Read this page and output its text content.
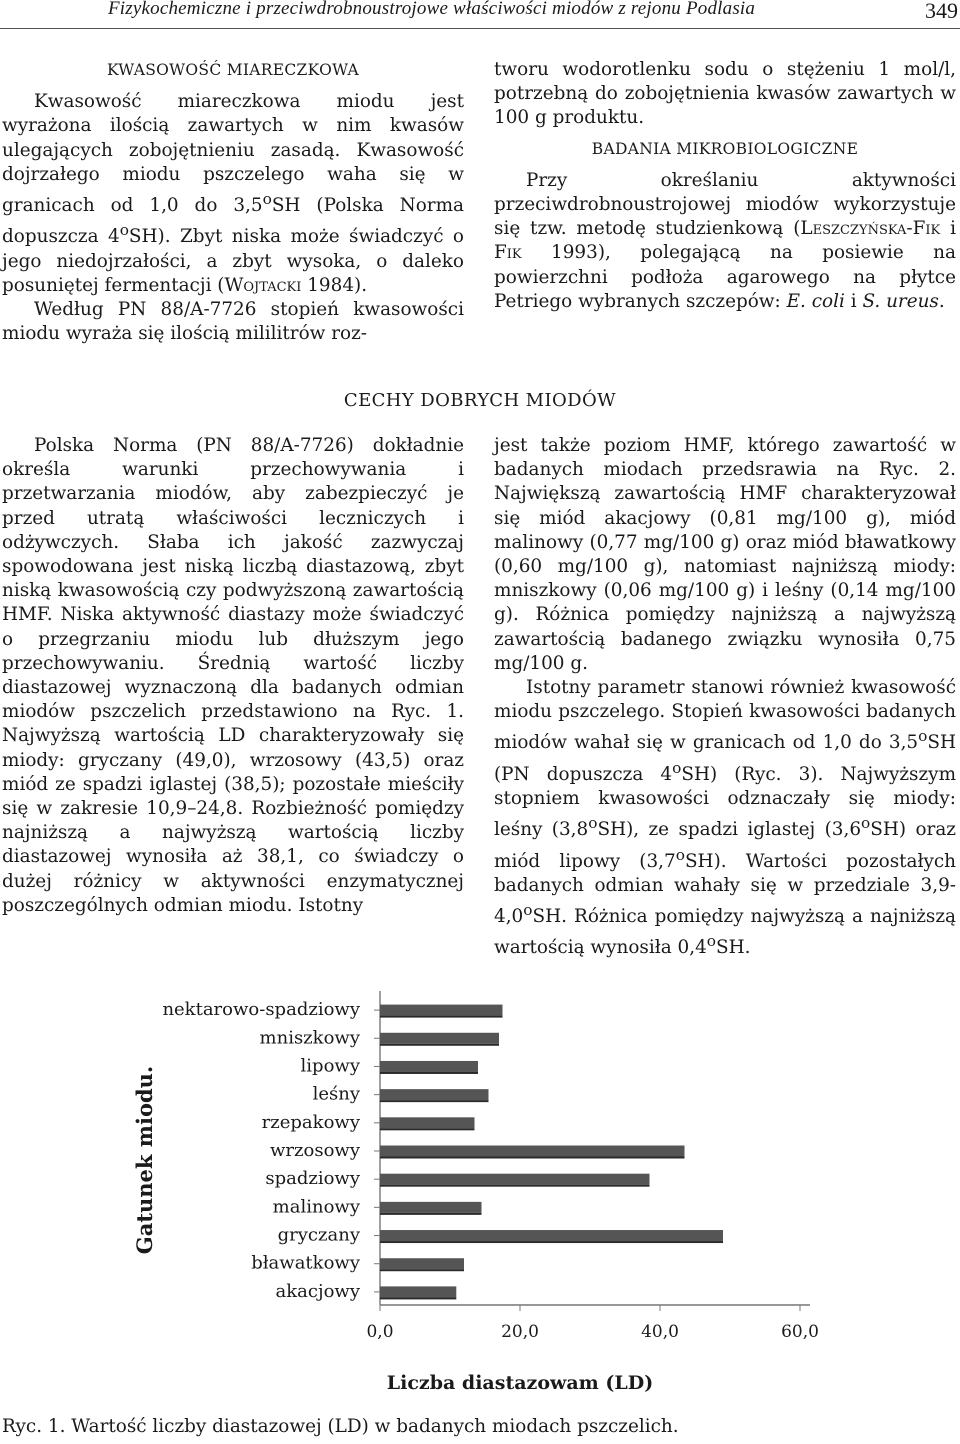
Fizykochemiczne i przeciwdrobnoustrojowe właściwości miodów z rejonu Podlasia	349

KWASOWOŚĆ MIARECZKOWA

Kwasowość miareczkowa miodu jest wyrażona ilością zawartych w nim kwasów ulegających zobojętnieniu zasadą. Kwasowość dojrzałego miodu pszczelego waha się w granicach od 1,0 do 3,5$^o$SH (Polska Norma dopuszcza 4$^o$SH). Zbyt niska może świadczyć o jego niedojrzałości, a zbyt wysoka, o daleko posuniętej fermentacji (Wojtacki 1984).

Według PN 88/A-7726 stopień kwasowości miodu wyraża się ilością mililitrów roz-

tworu wodorotlenku sodu o stężeniu 1 mol/l, potrzebną do zobojętnienia kwasów zawartych w 100 g produktu.

BADANIA MIKROBIOLOGICZNE

Przy określaniu aktywności przeciwdrobnoustrojowej miodów wykorzystuje się tzw. metodę studzienkową (Leszczyńska-Fik i Fik 1993), polegającą na posiewie na powierzchni podłoża agarowego na płytce Petriego wybranych szczepów: E. coli i S. ureus.

CECHY DOBRYCH MIODÓW

Polska Norma (PN 88/A-7726) dokładnie określa warunki przechowywania i przetwarzania miodów, aby zabezpieczyć je przed utratą właściwości leczniczych i odżywczych. Słaba ich jakość zazwyczaj spowodowana jest niską liczbą diastazową, zbyt niską kwasowością czy podwyższoną zawartością HMF. Niska aktywność diastazy może świadczyć o przegrzaniu miodu lub dłuższym jego przechowywaniu. Średnią wartość liczby diastazowej wyznaczoną dla badanych odmian miodów pszczelich przedstawiono na Ryc. 1. Najwyższą wartością LD charakteryzowały się miody: gryczany (49,0), wrzosowy (43,5) oraz miód ze spadzi iglastej (38,5); pozostałe mieściły się w zakresie 10,9–24,8. Rozbieżność pomiędzy najniższą a najwyższą wartością liczby diastazowej wynosiła aż 38,1, co świadczy o dużej różnicy w aktywności enzymatycznej poszczególnych odmian miodu. Istotny

jest także poziom HMF, którego zawartość w badanych miodach przedsrawia na Ryc. 2. Największą zawartością HMF charakteryzował się miód akacjowy (0,81 mg/100 g), miód malinowy (0,77 mg/100 g) oraz miód bławatkowy (0,60 mg/100 g), natomiast najniższą miody: mniszkowy (0,06 mg/100 g) i leśny (0,14 mg/100 g). Różnica pomiędzy najniższą a najwyższą zawartością badanego związku wynosiła 0,75 mg/100 g.

Istotny parametr stanowi również kwasowość miodu pszczelego. Stopień kwasowości badanych miodów wahał się w granicach od 1,0 do 3,5$^o$SH (PN dopuszcza 4$^o$SH) (Ryc. 3). Najwyższym stopniem kwasowości odznaczały się miody: leśny (3,8$^o$SH), ze spadzi iglastej (3,6$^o$SH) oraz miód lipowy (3,7$^o$SH). Wartości pozostałych badanych odmian wahały się w przedziale 3,9-4,0$^o$SH. Różnica pomiędzy najwyższą a najniższą wartością wynosiła 0,4$^o$SH.

nektarowo-spadziowy
mniszkowy
lipowy
leśny
rzepakowy
wrzosowy
spadziowy
malinowy
gryczany
bławatkowy
akacjowy
0,0	20,0	40,0	60,0
Liczba diastazowam (LD)
Gatunek miodu.
Ryc. 1. Wartość liczby diastazowej (LD) w badanych miodach pszczelich.
